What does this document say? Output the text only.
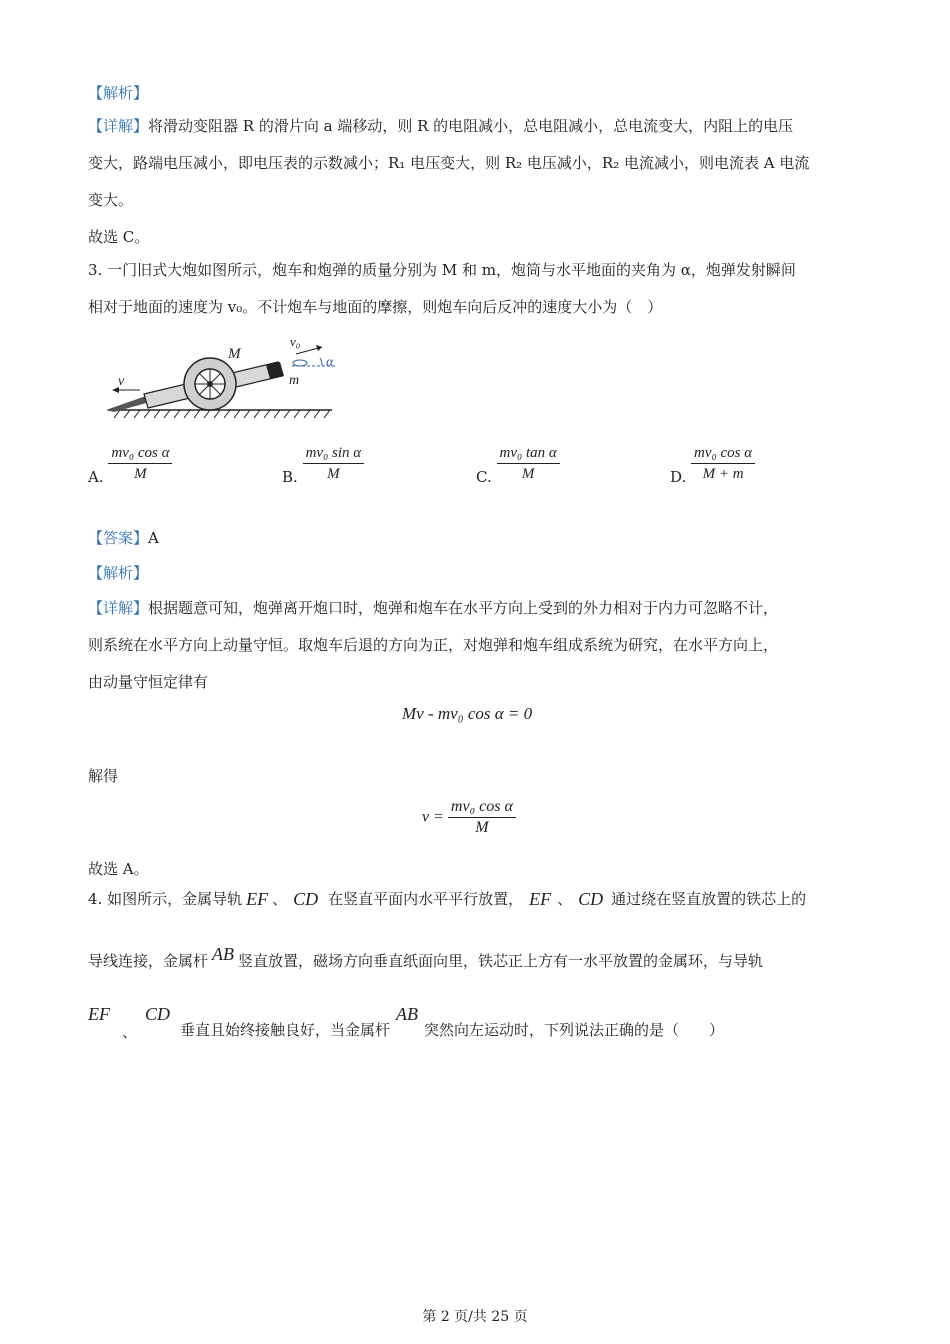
【解析】
【详解】将滑动变阻器 R 的滑片向 a 端移动，则 R 的电阻减小，总电阻减小，总电流变大，内阻上的电压
变大，路端电压减小，即电压表的示数减小；R₁ 电压变大，则 R₂ 电压减小，R₂ 电流减小，则电流表 A 电流
变大。
故选 C。
3. 一门旧式大炮如图所示，炮车和炮弹的质量分别为 M 和 m，炮筒与水平地面的夹角为 α，炮弹发射瞬间
相对于地面的速度为 v₀。不计炮车与地面的摩擦，则炮车向后反冲的速度大小为（　）
M
v₀
α
m
v
A. $\frac{\text{mv₀ cos α}}{M}$	B. $\frac{\text{mv₀ sin α}}{M}$	C. $\frac{\text{mv₀ tan α}}{M}$	D. $\frac{\text{mv₀ cos α}}{M + m}$
【答案】A
【解析】
【详解】根据题意可知，炮弹离开炮口时，炮弹和炮车在水平方向上受到的外力相对于内力可忽略不计，
则系统在水平方向上动量守恒。取炮车后退的方向为正，对炮弹和炮车组成系统为研究，在水平方向上，
由动量守恒定律有
Mv - mv₀ cos α = 0
解得
$v = \frac{\text{mv₀ cos α}}{M}$
故选 A。
4. 如图所示，金属导轨 EF 、 CD 在竖直平面内水平平行放置， EF 、 CD 通过绕在竖直放置的铁芯上的
导线连接，金属杆 AB 竖直放置，磁场方向垂直纸面向里，铁芯正上方有一水平放置的金属环，与导轨
EF、CD垂直且始终接触良好，当金属杆AB突然向左运动时，下列说法正确的是（　　）
第 2 页/共 25 页
